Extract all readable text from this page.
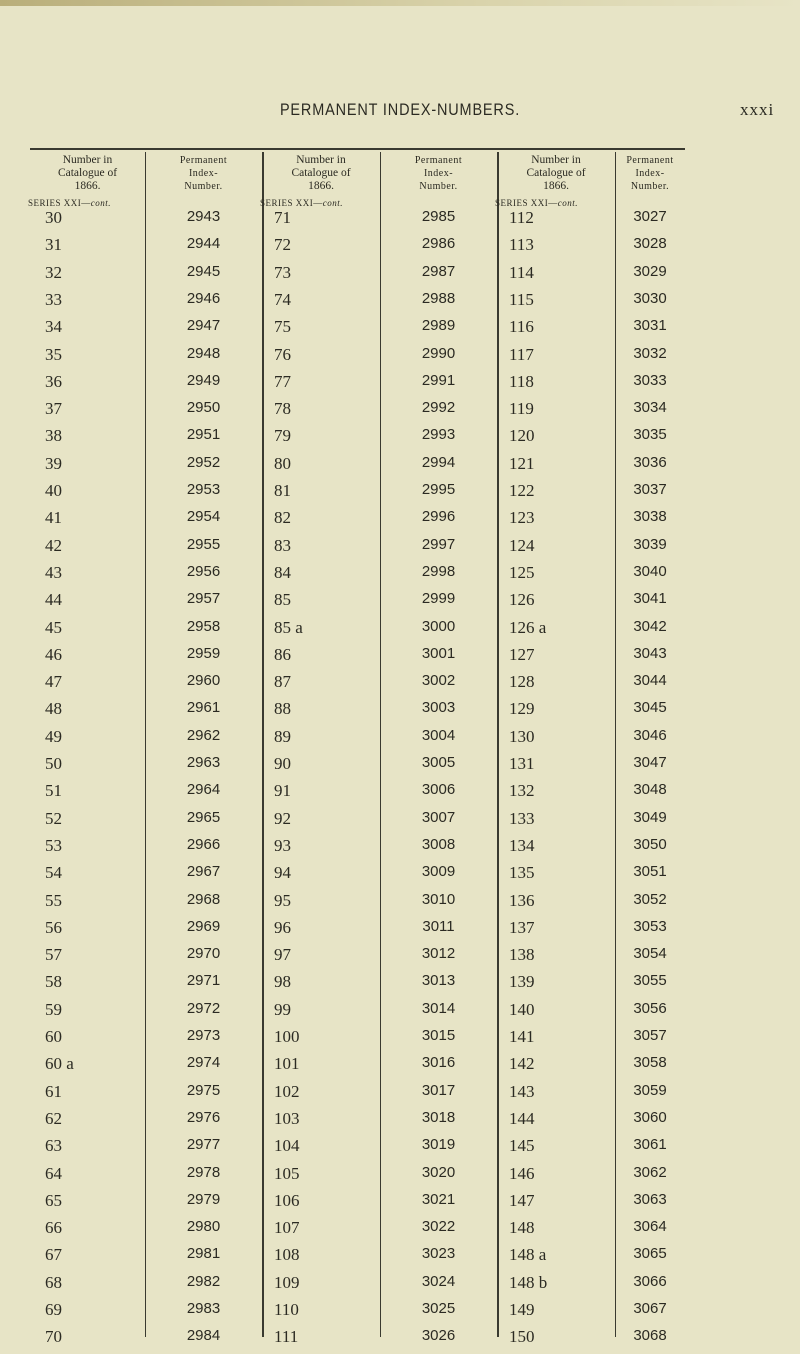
PERMANENT INDEX-NUMBERS.	xxxi
Number in
Catalogue of
1866.
Permanent
Index-
Number.
SERIES XXI—cont.
Number in
Catalogue of
1866.
Permanent
Index-
Number.
SERIES XXI—cont.
Number in
Catalogue of
1866.
Permanent
Index-
Number.
SERIES XXI—cont.
30	2943	71	2985	112	3027
31	2944	72	2986	113	3028
32	2945	73	2987	114	3029
33	2946	74	2988	115	3030
34	2947	75	2989	116	3031
35	2948	76	2990	117	3032
36	2949	77	2991	118	3033
37	2950	78	2992	119	3034
38	2951	79	2993	120	3035
39	2952	80	2994	121	3036
40	2953	81	2995	122	3037
41	2954	82	2996	123	3038
42	2955	83	2997	124	3039
43	2956	84	2998	125	3040
44	2957	85	2999	126	3041
45	2958	85 a	3000	126 a	3042
46	2959	86	3001	127	3043
47	2960	87	3002	128	3044
48	2961	88	3003	129	3045
49	2962	89	3004	130	3046
50	2963	90	3005	131	3047
51	2964	91	3006	132	3048
52	2965	92	3007	133	3049
53	2966	93	3008	134	3050
54	2967	94	3009	135	3051
55	2968	95	3010	136	3052
56	2969	96	3011	137	3053
57	2970	97	3012	138	3054
58	2971	98	3013	139	3055
59	2972	99	3014	140	3056
60	2973	100	3015	141	3057
60 a	2974	101	3016	142	3058
61	2975	102	3017	143	3059
62	2976	103	3018	144	3060
63	2977	104	3019	145	3061
64	2978	105	3020	146	3062
65	2979	106	3021	147	3063
66	2980	107	3022	148	3064
67	2981	108	3023	148 a	3065
68	2982	109	3024	148 b	3066
69	2983	110	3025	149	3067
70	2984	111	3026	150	3068
